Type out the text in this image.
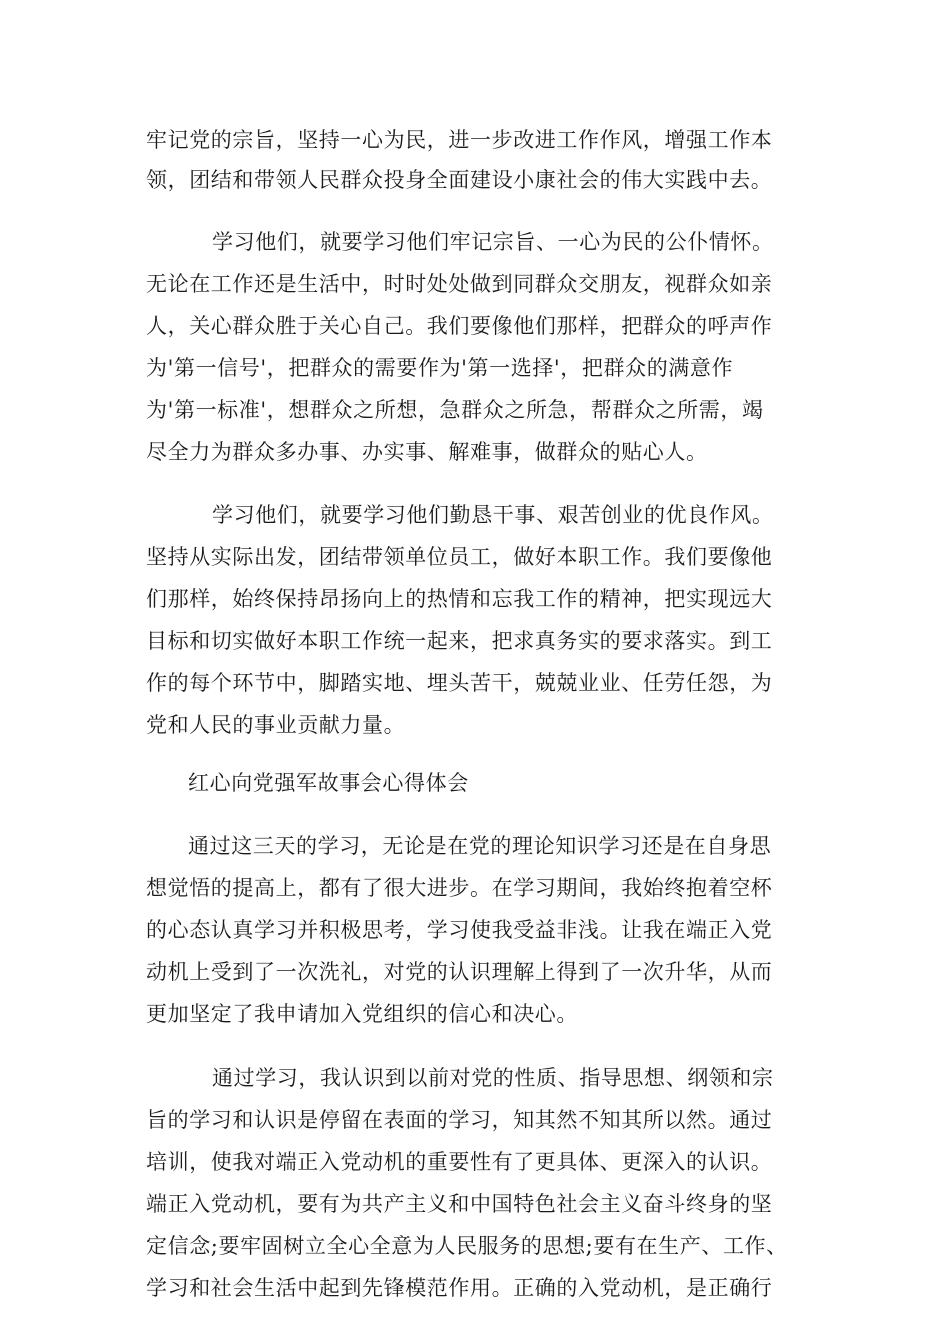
牢记党的宗旨，坚持一心为民，进一步改进工作作风，增强工作本

领，团结和带领人民群众投身全面建设小康社会的伟大实践中去。

学习他们，就要学习他们牢记宗旨、一心为民的公仆情怀。

无论在工作还是生活中，时时处处做到同群众交朋友，视群众如亲

人，关心群众胜于关心自己。我们要像他们那样，把群众的呼声作

为'第一信号'，把群众的需要作为'第一选择'，把群众的满意作

为'第一标准'，想群众之所想，急群众之所急，帮群众之所需，竭

尽全力为群众多办事、办实事、解难事，做群众的贴心人。

学习他们，就要学习他们勤恳干事、艰苦创业的优良作风。

坚持从实际出发，团结带领单位员工，做好本职工作。我们要像他

们那样，始终保持昂扬向上的热情和忘我工作的精神，把实现远大

目标和切实做好本职工作统一起来，把求真务实的要求落实。到工

作的每个环节中，脚踏实地、埋头苦干，兢兢业业、任劳任怨，为

党和人民的事业贡献力量。

红心向党强军故事会心得体会

通过这三天的学习，无论是在党的理论知识学习还是在自身思

想觉悟的提高上，都有了很大进步。在学习期间，我始终抱着空杯

的心态认真学习并积极思考，学习使我受益非浅。让我在端正入党

动机上受到了一次洗礼，对党的认识理解上得到了一次升华，从而

更加坚定了我申请加入党组织的信心和决心。

通过学习，我认识到以前对党的性质、指导思想、纲领和宗

旨的学习和认识是停留在表面的学习，知其然不知其所以然。通过

培训，使我对端正入党动机的重要性有了更具体、更深入的认识。

端正入党动机，要有为共产主义和中国特色社会主义奋斗终身的坚

定信念;要牢固树立全心全意为人民服务的思想;要有在生产、工作、

学习和社会生活中起到先锋模范作用。正确的入党动机，是正确行
